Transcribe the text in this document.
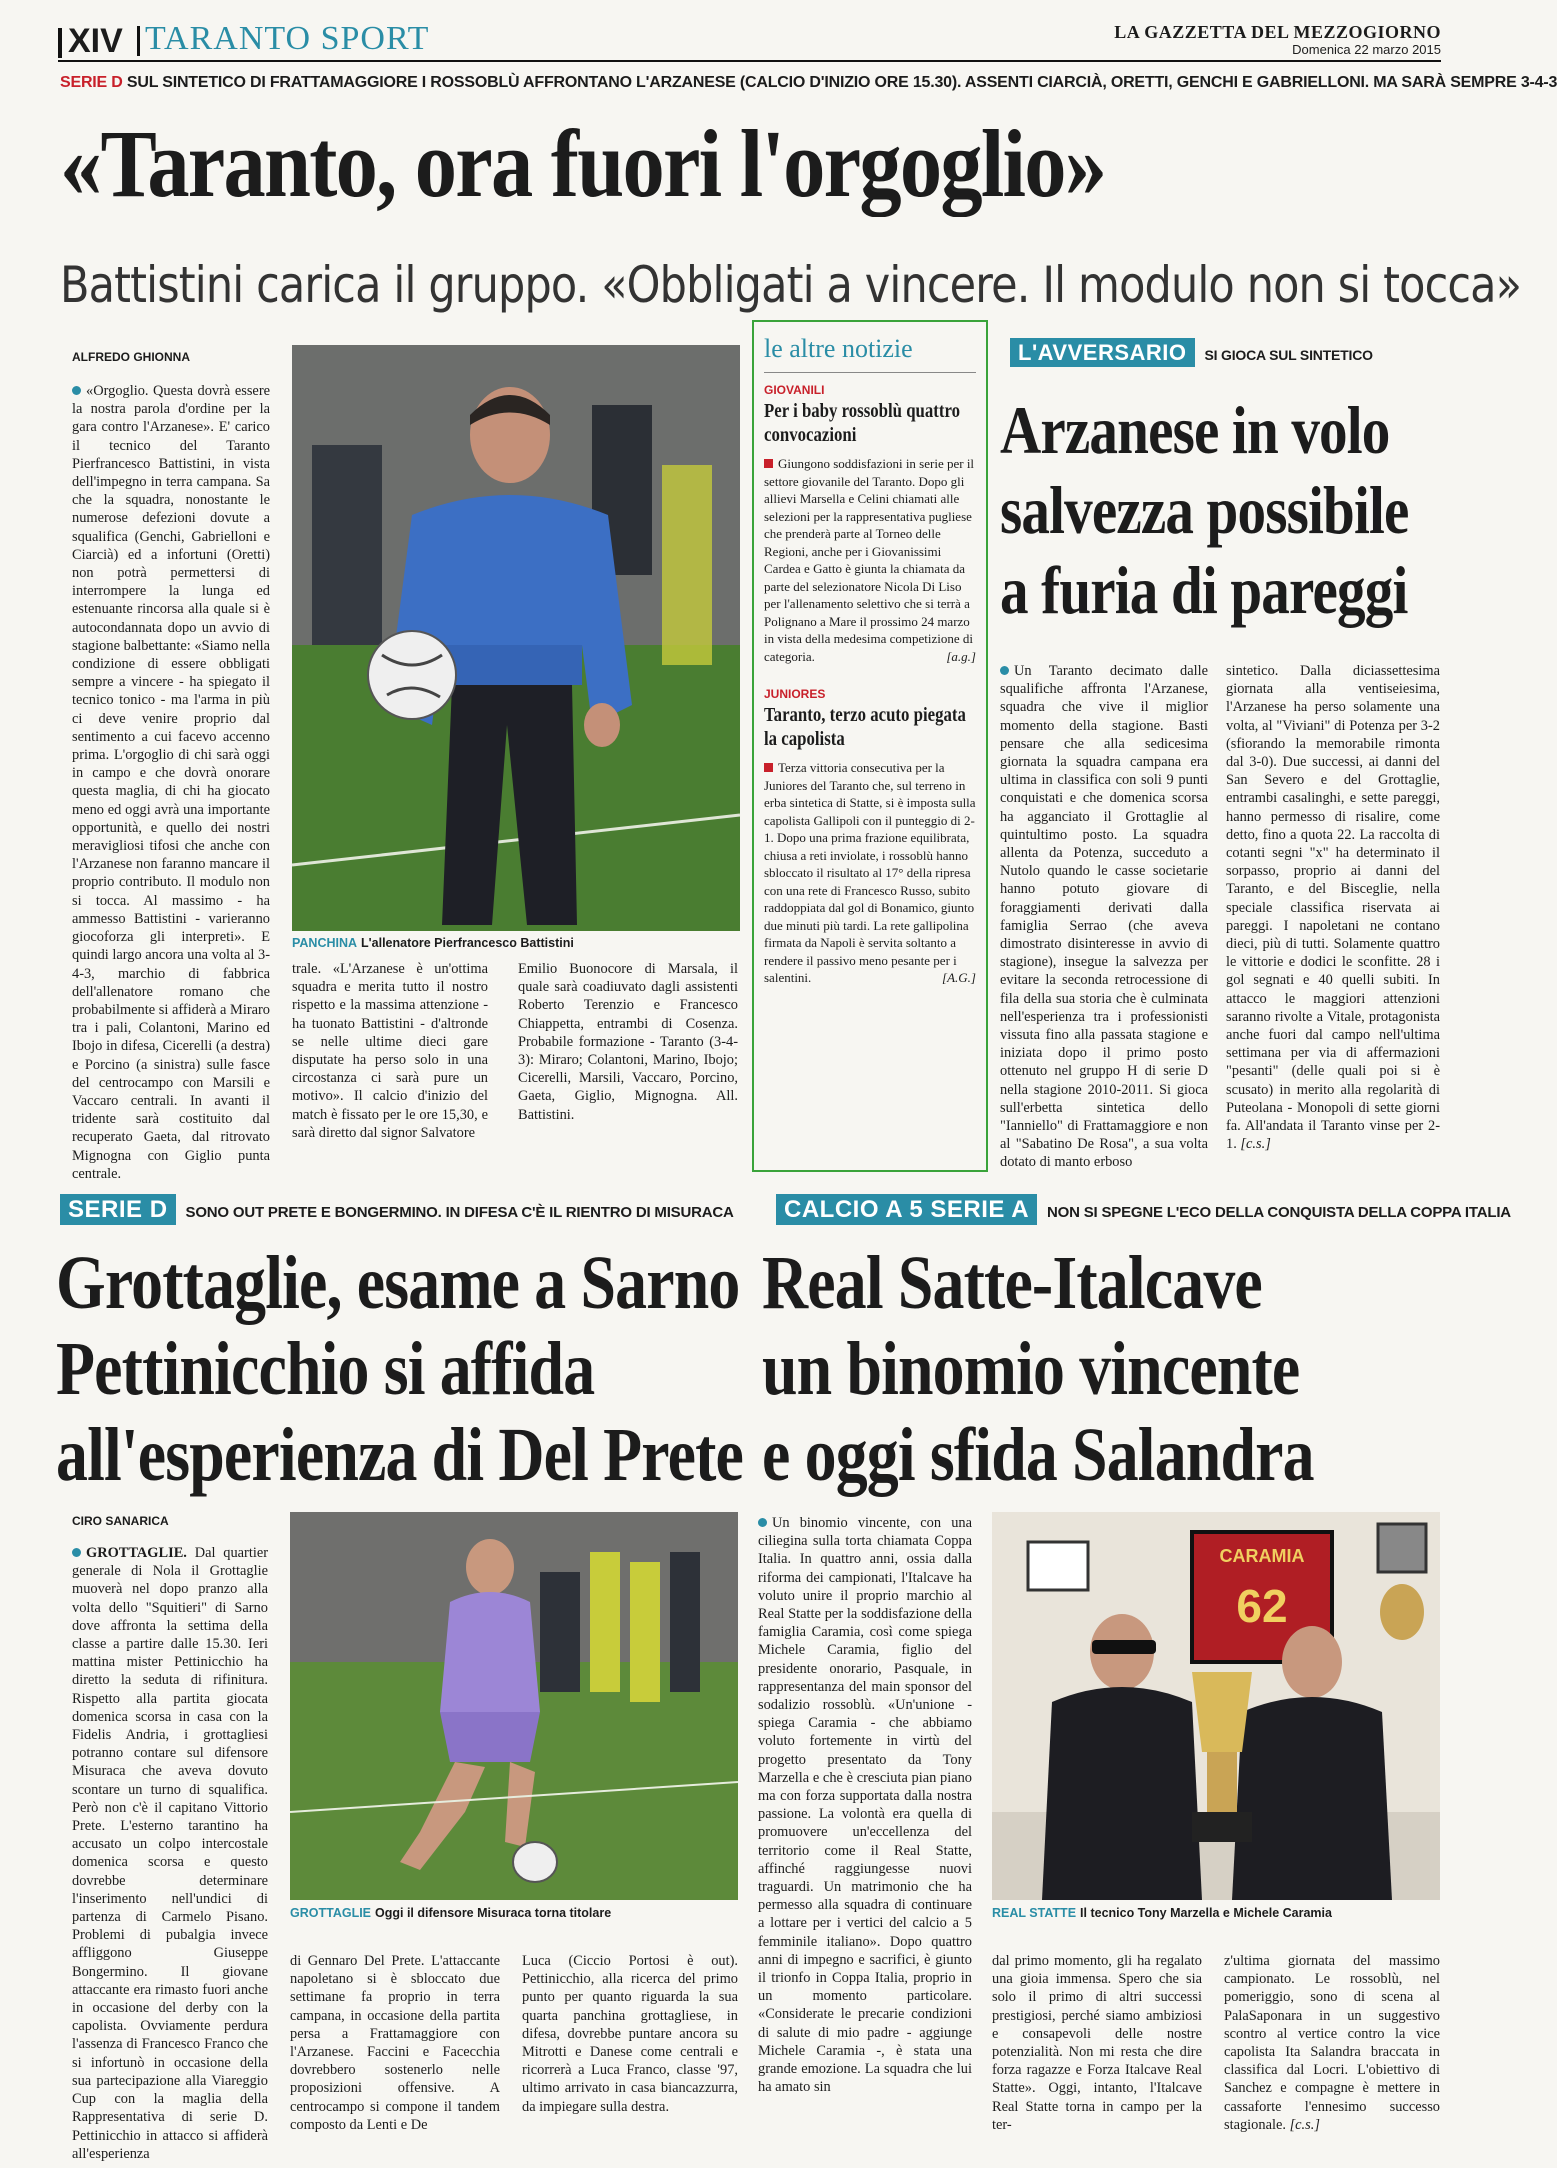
XIV TARANTO SPORT	LA GAZZETTA DEL MEZZOGIORNO
Domenica 22 marzo 2015
SERIE D SUL SINTETICO DI FRATTAMAGGIORE I ROSSOBLÙ AFFRONTANO L'ARZANESE (CALCIO D'INIZIO ORE 15.30). ASSENTI CIARCIÀ, ORETTI, GENCHI E GABRIELLONI. MA SARÀ SEMPRE 3-4-3
«Taranto, ora fuori l'orgoglio»
Battistini carica il gruppo. «Obbligati a vincere. Il modulo non si tocca»
ALFREDO GHIONNA

«Orgoglio. Questa dovrà essere la nostra parola d'ordine per la gara contro l'Arzanese». E' carico il tecnico del Taranto Pierfrancesco Battistini, in vista dell'impegno in terra campana. Sa che la squadra, nonostante le numerose defezioni dovute a squalifica (Genchi, Gabrielloni e Ciarcià) ed a infortuni (Oretti) non potrà permettersi di interrompere la lunga ed estenuante rincorsa alla quale si è autocondannata dopo un avvio di stagione balbettante: «Siamo nella condizione di essere obbligati sempre a vincere - ha spiegato il tecnico tonico - ma l'arma in più ci deve venire proprio dal sentimento a cui facevo accenno prima. L'orgoglio di chi sarà oggi in campo e che dovrà onorare questa maglia, di chi ha giocato meno ed oggi avrà una importante opportunità, e quello dei nostri meravigliosi tifosi che anche con l'Arzanese non faranno mancare il proprio contributo. Il modulo non si tocca. Al massimo - ha ammesso Battistini - varieranno giocoforza gli interpreti». E quindi largo ancora una volta al 3-4-3, marchio di fabbrica dell'allenatore romano che probabilmente si affiderà a Miraro tra i pali, Colantoni, Marino ed Ibojo in difesa, Cicerelli (a destra) e Porcino (a sinistra) sulle fasce del centrocampo con Marsili e Vaccaro centrali. In avanti il tridente sarà costituito dal recuperato Gaeta, dal ritrovato Mignogna con Giglio punta centrale.

PANCHINA L'allenatore Pierfrancesco Battistini

trale. «L'Arzanese è un'ottima squadra e merita tutto il nostro rispetto e la massima attenzione - ha tuonato Battistini - d'altronde se nelle ultime dieci gare disputate ha perso solo in una circostanza ci sarà pure un motivo». Il calcio d'inizio del match è fissato per le ore 15,30, e sarà diretto dal signor Salvatore

Emilio Buonocore di Marsala, il quale sarà coadiuvato dagli assistenti Roberto Terenzio e Francesco Chiappetta, entrambi di Cosenza. Probabile formazione - Taranto (3-4-3): Miraro; Colantoni, Marino, Ibojo; Cicerelli, Marsili, Vaccaro, Porcino, Gaeta, Giglio, Mignogna. All. Battistini.

le altre notizie
GIOVANILI
Per i baby rossoblù quattro convocazioni
Giungono soddisfazioni in serie per il settore giovanile del Taranto. Dopo gli allievi Marsella e Celini chiamati alle selezioni per la rappresentativa pugliese che prenderà parte al Torneo delle Regioni, anche per i Giovanissimi Cardea e Gatto è giunta la chiamata da parte del selezionatore Nicola Di Liso per l'allenamento selettivo che si terrà a Polignano a Mare il prossimo 24 marzo in vista della medesima competizione di categoria.	[a.g.]
JUNIORES
Taranto, terzo acuto piegata la capolista
Terza vittoria consecutiva per la Juniores del Taranto che, sul terreno in erba sintetica di Statte, si è imposta sulla capolista Gallipoli con il punteggio di 2-1. Dopo una prima frazione equilibrata, chiusa a reti inviolate, i rossoblù hanno sbloccato il risultato al 17° della ripresa con una rete di Francesco Russo, subito raddoppiata dal gol di Bonamico, giunto due minuti più tardi. La rete gallipolina firmata da Napoli è servita soltanto a rendere il passivo meno pesante per i salentini.	[A.G.]
L'AVVERSARIO SI GIOCA SUL SINTETICO
Arzanese in volo
salvezza possibile
a furia di pareggi

Un Taranto decimato dalle squalifiche affronta l'Arzanese, squadra che vive il miglior momento della stagione. Basti pensare che alla sedicesima giornata la squadra campana era ultima in classifica con soli 9 punti conquistati e che domenica scorsa ha agganciato il Grottaglie al quintultimo posto. La squadra allenta da Potenza, succeduto a Nutolo quando le casse societarie hanno potuto giovare di foraggiamenti derivati dalla famiglia Serrao (che aveva dimostrato disinteresse in avvio di stagione), insegue la salvezza per evitare la seconda retrocessione di fila della sua storia che è culminata nell'esperienza tra i professionisti vissuta fino alla passata stagione e iniziata dopo il primo posto ottenuto nel gruppo H di serie D nella stagione 2010-2011. Si gioca sull'erbetta sintetica dello "Ianniello" di Frattamaggiore e non al "Sabatino De Rosa", a sua volta dotato di manto erboso

sintetico. Dalla diciassettesima giornata alla ventiseiesima, l'Arzanese ha perso solamente una volta, al "Viviani" di Potenza per 3-2 (sfiorando la memorabile rimonta dal 3-0). Due successi, ai danni del San Severo e del Grottaglie, entrambi casalinghi, e sette pareggi, hanno permesso di risalire, come detto, fino a quota 22. La raccolta di cotanti segni "x" ha determinato il sorpasso, proprio ai danni del Taranto, e del Bisceglie, nella speciale classifica riservata ai pareggi. I napoletani ne contano dieci, più di tutti. Solamente quattro le vittorie e dodici le sconfitte. 28 i gol segnati e 40 quelli subiti. In attacco le maggiori attenzioni saranno rivolte a Vitale, protagonista anche fuori dal campo nell'ultima settimana per via di affermazioni "pesanti" (delle quali poi si è scusato) in merito alla regolarità di Puteolana - Monopoli di sette giorni fa. All'andata il Taranto vinse per 2-1. [c.s.]

SERIE D SONO OUT PRETE E BONGERMINO. IN DIFESA C'È IL RIENTRO DI MISURACA
Grottaglie, esame a Sarno
Pettinicchio si affida
all'esperienza di Del Prete
CIRO SANARICA

GROTTAGLIE. Dal quartier generale di Nola il Grottaglie muoverà nel dopo pranzo alla volta dello "Squitieri" di Sarno dove affronta la settima della classe a partire dalle 15.30. Ieri mattina mister Pettinicchio ha diretto la seduta di rifinitura. Rispetto alla partita giocata domenica scorsa in casa con la Fidelis Andria, i grottagliesi potranno contare sul difensore Misuraca che aveva dovuto scontare un turno di squalifica. Però non c'è il capitano Vittorio Prete. L'esterno tarantino ha accusato un colpo intercostale domenica scorsa e questo dovrebbe determinare l'inserimento nell'undici di partenza di Carmelo Pisano. Problemi di pubalgia invece affliggono Giuseppe Bongermino. Il giovane attaccante era rimasto fuori anche in occasione del derby con la capolista. Ovviamente perdura l'assenza di Francesco Franco che si infortunò in occasione della sua partecipazione alla Viareggio Cup con la maglia della Rappresentativa di serie D. Pettinicchio in attacco si affiderà all'esperienza

GROTTAGLIE Oggi il difensore Misuraca torna titolare

di Gennaro Del Prete. L'attaccante napoletano si è sbloccato due settimane fa proprio in terra campana, in occasione della partita persa a Frattamaggiore con l'Arzanese. Faccini e Facecchia dovrebbero sostenerlo nelle proposizioni offensive. A centrocampo si compone il tandem composto da Lenti e De

Luca (Ciccio Portosi è out). Pettinicchio, alla ricerca del primo punto per quanto riguarda la sua quarta panchina grottagliese, in difesa, dovrebbe puntare ancora su Mitrotti e Danese come centrali e ricorrerà a Luca Franco, classe '97, ultimo arrivato in casa biancazzurra, da impiegare sulla destra.

CALCIO A 5 SERIE A NON SI SPEGNE L'ECO DELLA CONQUISTA DELLA COPPA ITALIA
Real Satte-Italcave
un binomio vincente
e oggi sfida Salandra

Un binomio vincente, con una ciliegina sulla torta chiamata Coppa Italia. In quattro anni, ossia dalla riforma dei campionati, l'Italcave ha voluto unire il proprio marchio al Real Statte per la soddisfazione della famiglia Caramia, così come spiega Michele Caramia, figlio del presidente onorario, Pasquale, in rappresentanza del main sponsor del sodalizio rossoblù. «Un'unione - spiega Caramia - che abbiamo voluto fortemente in virtù del progetto presentato da Tony Marzella e che è cresciuta pian piano ma con forza supportata dalla nostra passione. La volontà era quella di promuovere un'eccellenza del territorio come il Real Statte, affinché raggiungesse nuovi traguardi. Un matrimonio che ha permesso alla squadra di continuare a lottare per i vertici del calcio a 5 femminile italiano». Dopo quattro anni di impegno e sacrifici, è giunto il trionfo in Coppa Italia, proprio in un momento particolare. «Considerate le precarie condizioni di salute di mio padre - aggiunge Michele Caramia -, è stata una grande emozione. La squadra che lui ha amato sin

CARAMIA
62
REAL STATTE Il tecnico Tony Marzella e Michele Caramia

dal primo momento, gli ha regalato una gioia immensa. Spero che sia solo il primo di altri successi prestigiosi, perché siamo ambiziosi e consapevoli delle nostre potenzialità. Non mi resta che dire forza ragazze e Forza Italcave Real Statte». Oggi, intanto, l'Italcave Real Statte torna in campo per la ter-

z'ultima giornata del massimo campionato. Le rossoblù, nel pomeriggio, sono di scena al PalaSaponara in un suggestivo scontro al vertice contro la vice capolista Ita Salandra braccata in classifica dal Locri. L'obiettivo di Sanchez e compagne è mettere in cassaforte l'ennesimo successo stagionale. [c.s.]
